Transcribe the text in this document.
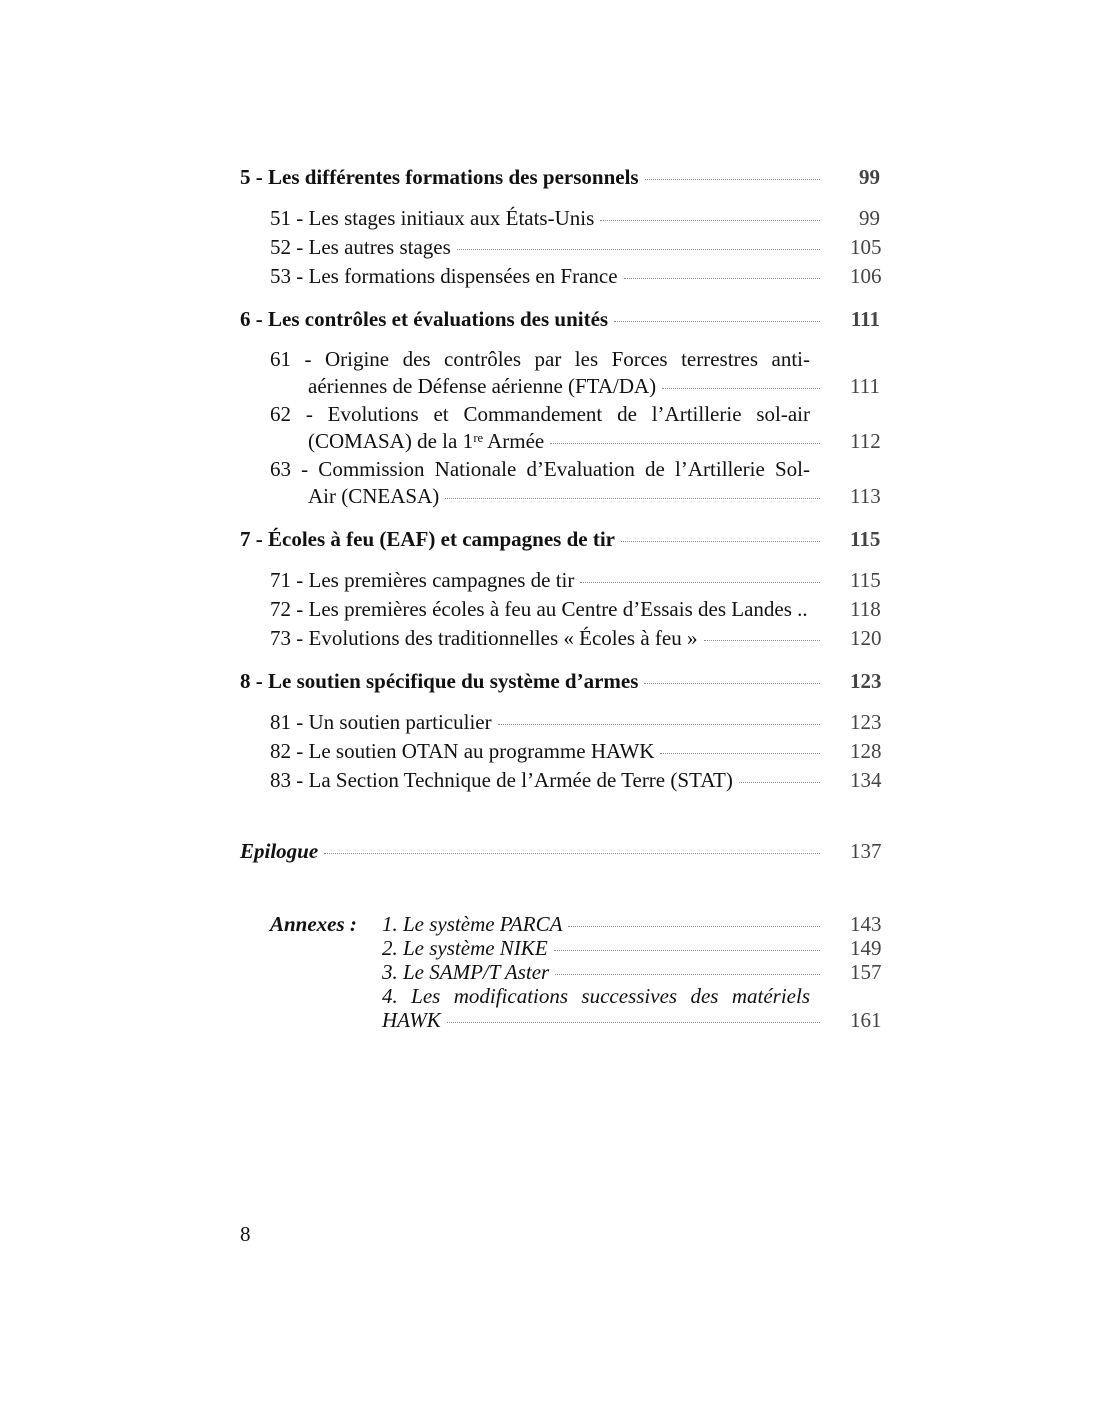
5 - Les différentes formations des personnels	99
51 - Les stages initiaux aux États-Unis	99
52 - Les autres stages	105
53 - Les formations dispensées en France	106
6 - Les contrôles et évaluations des unités	111
61 - Origine des contrôles par les Forces terrestres anti-
aériennes de Défense aérienne (FTA/DA)	111
62 - Evolutions et Commandement de l’Artillerie sol-air
(COMASA) de la 1ʳᵉ Armée	112
63 - Commission Nationale d’Evaluation de l’Artillerie Sol-
Air (CNEASA)	113
7 - Écoles à feu (EAF) et campagnes de tir	115
71 - Les premières campagnes de tir	115
72 - Les premières écoles à feu au Centre d’Essais des Landes .. 118
73 - Evolutions des traditionnelles « Écoles à feu »	120
8 - Le soutien spécifique du système d’armes	123
81 - Un soutien particulier	123
82 - Le soutien OTAN au programme HAWK	128
83 - La Section Technique de l’Armée de Terre (STAT)	134
Epilogue	137
Annexes : 1. Le système PARCA	143
2. Le système NIKE	149
3. Le SAMP/T Aster	157
4. Les modifications successives des matériels
HAWK	161
8
